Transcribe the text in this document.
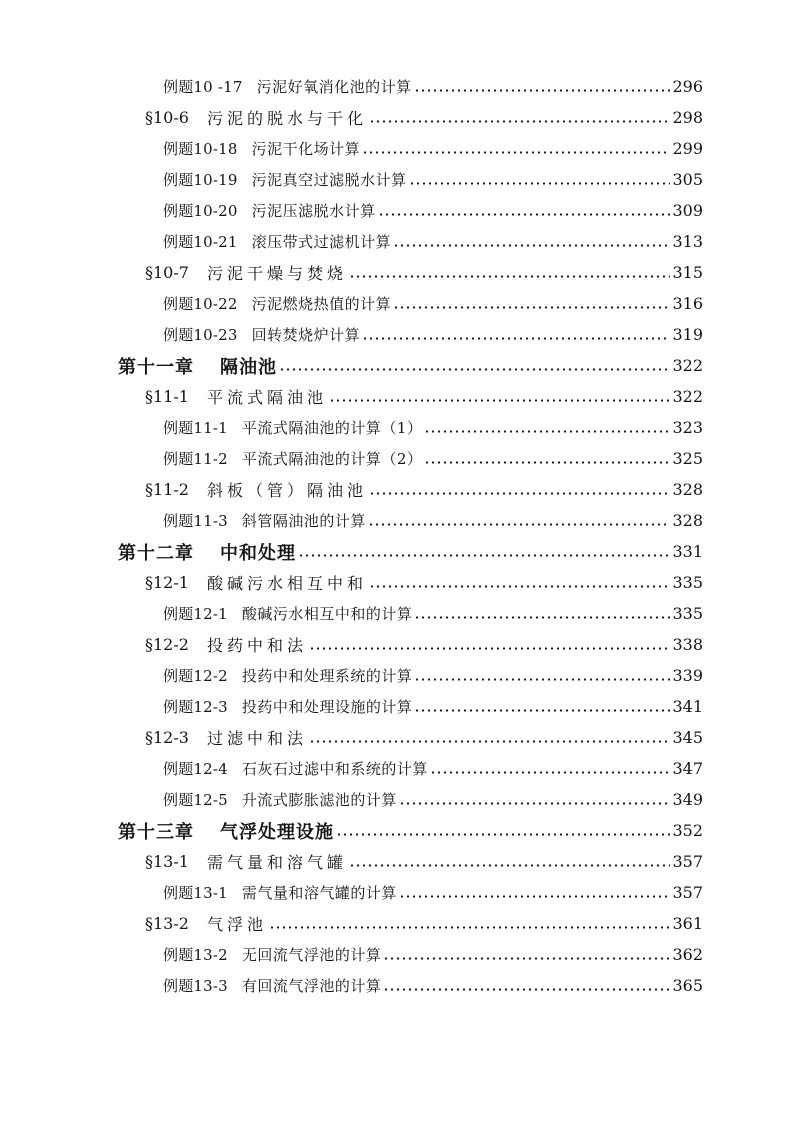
例题10 -17 污泥好氧消化池的计算	296
§10-6 污泥的脱水与干化	298
例题10-18 污泥干化场计算	299
例题10-19 污泥真空过滤脱水计算	305
例题10-20 污泥压滤脱水计算	309
例题10-21 滚压带式过滤机计算	313
§10-7 污泥干燥与焚烧	315
例题10-22 污泥燃烧热值的计算	316
例题10-23 回转焚烧炉计算	319
第十一章 隔油池	322
§11-1 平流式隔油池	322
例题11-1 平流式隔油池的计算（1）	323
例题11-2 平流式隔油池的计算（2）	325
§11-2 斜板（管）隔油池	328
例题11-3 斜管隔油池的计算	328
第十二章 中和处理	331
§12-1 酸碱污水相互中和	335
例题12-1 酸碱污水相互中和的计算	335
§12-2 投药中和法	338
例题12-2 投药中和处理系统的计算	339
例题12-3 投药中和处理设施的计算	341
§12-3 过滤中和法	345
例题12-4 石灰石过滤中和系统的计算	347
例题12-5 升流式膨胀滤池的计算	349
第十三章 气浮处理设施	352
§13-1 需气量和溶气罐	357
例题13-1 需气量和溶气罐的计算	357
§13-2 气浮池	361
例题13-2 无回流气浮池的计算	362
例题13-3 有回流气浮池的计算	365
